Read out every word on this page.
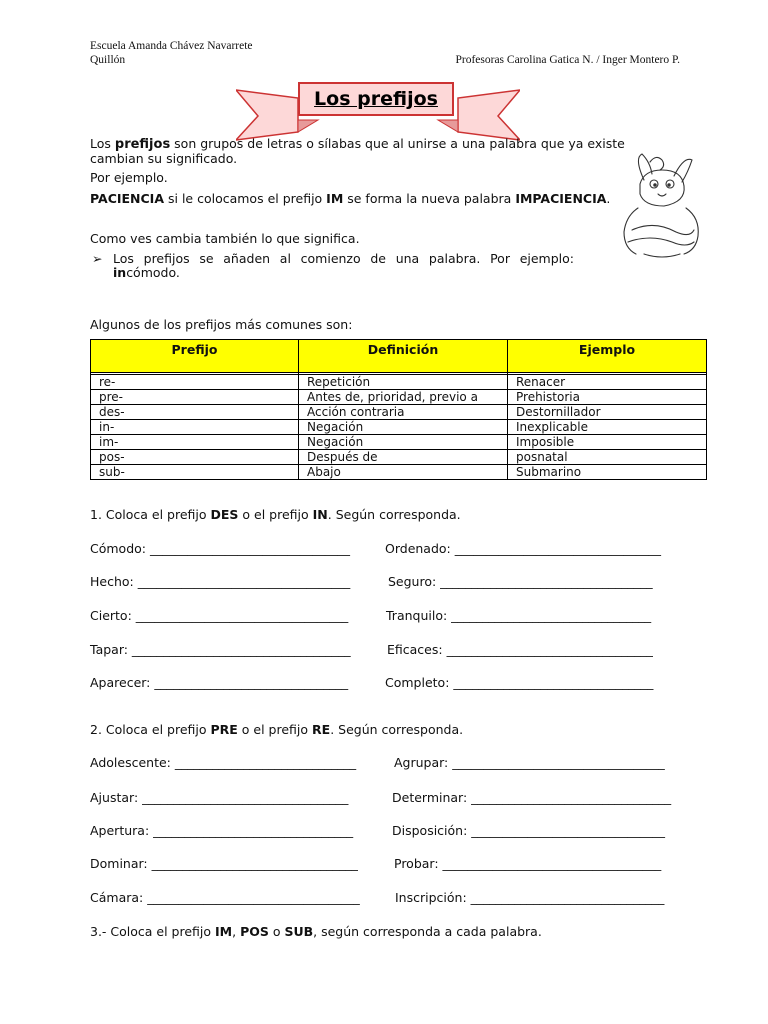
Escuela Amanda Chávez Navarrete
Quillón	Profesoras Carolina Gatica N. / Inger Montero P.
Los prefijos
Los prefijos son grupos de letras o sílabas que al unirse a una palabra que ya existe cambian su significado.
Por ejemplo.
PACIENCIA si le colocamos el prefijo IM se forma la nueva palabra IMPACIENCIA.
Como ves cambia también lo que significa.
➢ Los prefijos se añaden al comienzo de una palabra. Por ejemplo: incómodo.
Algunos de los prefijos más comunes son:
Prefijo	Definición	Ejemplo

re-	Repetición	Renacer
pre-	Antes de, prioridad, previo a	Prehistoria
des-	Acción contraria	Destornillador
in-	Negación	Inexplicable
im-	Negación	Imposible
pos-	Después de	posnatal
sub-	Abajo	Submarino
1. Coloca el prefijo DES o el prefijo IN. Según corresponda.
Cómodo: ________________________________	Ordenado: _________________________________
Hecho: __________________________________	Seguro: __________________________________
Cierto: __________________________________	Tranquilo: ________________________________
Tapar: ___________________________________	Eficaces: _________________________________
Aparecer: _______________________________	Completo: ________________________________
2. Coloca el prefijo PRE o el prefijo RE. Según corresponda.
Adolescente: _____________________________	Agrupar: __________________________________
Ajustar: _________________________________	Determinar: ________________________________
Apertura: ________________________________	Disposición: _______________________________
Dominar: _________________________________	Probar: ___________________________________
Cámara: __________________________________	Inscripción: _______________________________
3.- Coloca el prefijo IM, POS o SUB, según corresponda a cada palabra.
